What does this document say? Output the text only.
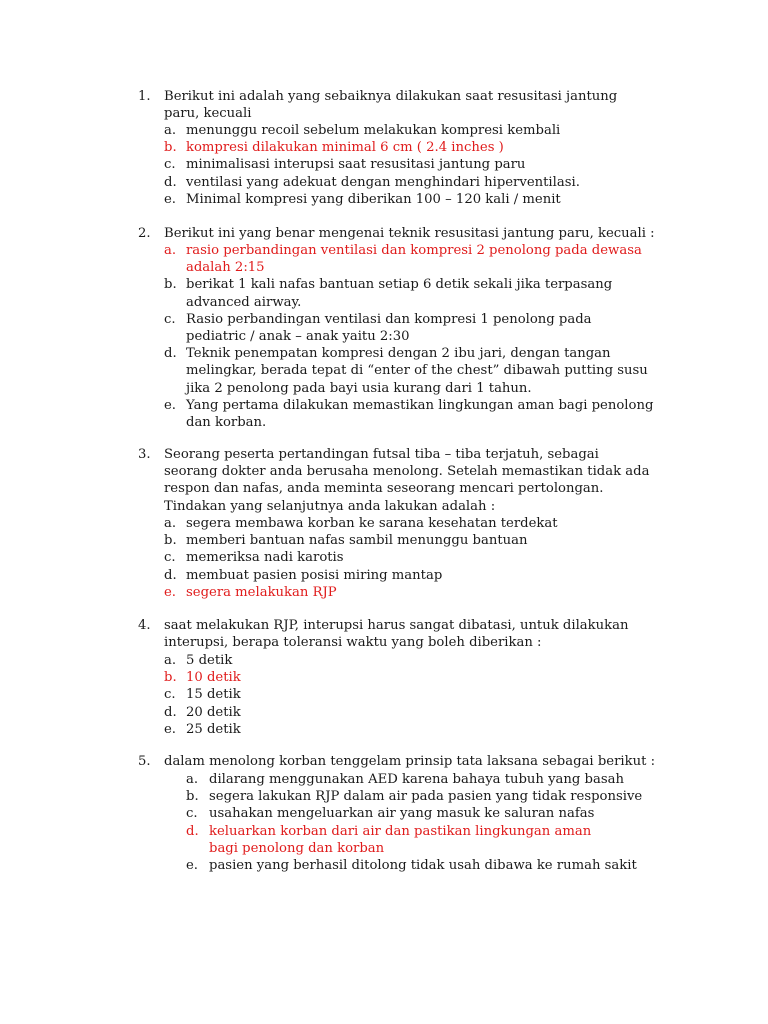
1. Berikut ini adalah yang sebaiknya dilakukan saat resusitasi jantung paru, kecuali
a. menunggu recoil sebelum melakukan kompresi kembali
b. kompresi dilakukan minimal 6 cm ( 2.4 inches )
c. minimalisasi interupsi saat resusitasi jantung paru
d. ventilasi yang adekuat dengan menghindari hiperventilasi.
e. Minimal kompresi yang diberikan 100 – 120 kali / menit
2. Berikut ini yang benar mengenai teknik resusitasi jantung paru, kecuali :
a. rasio perbandingan ventilasi dan kompresi 2 penolong pada dewasa adalah 2:15
b. berikat 1 kali nafas bantuan setiap 6 detik sekali jika terpasang advanced airway.
c. Rasio perbandingan ventilasi dan kompresi 1 penolong pada pediatric / anak – anak yaitu 2:30
d. Teknik penempatan kompresi dengan 2 ibu jari, dengan tangan melingkar, berada tepat di “enter of the chest” dibawah putting susu jika 2 penolong pada bayi usia kurang dari 1 tahun.
e. Yang pertama dilakukan memastikan lingkungan aman bagi penolong dan korban.
3. Seorang peserta pertandingan futsal tiba – tiba terjatuh, sebagai seorang dokter anda berusaha menolong. Setelah memastikan tidak ada respon dan nafas, anda meminta seseorang mencari pertolongan. Tindakan yang selanjutnya anda lakukan adalah :
a. segera membawa korban ke sarana kesehatan terdekat
b. memberi bantuan nafas sambil menunggu bantuan
c. memeriksa nadi karotis
d. membuat pasien posisi miring mantap
e. segera melakukan RJP
4. saat melakukan RJP, interupsi harus sangat dibatasi, untuk dilakukan interupsi, berapa toleransi waktu yang boleh diberikan :
a. 5 detik
b. 10 detik
c. 15 detik
d. 20 detik
e. 25 detik
5. dalam menolong korban tenggelam prinsip tata laksana sebagai berikut :
a. dilarang menggunakan AED karena bahaya tubuh yang basah
b. segera lakukan RJP dalam air pada pasien yang tidak responsive
c. usahakan mengeluarkan air yang masuk ke saluran nafas
d. keluarkan korban dari air dan pastikan lingkungan aman bagi penolong dan korban
e. pasien yang berhasil ditolong tidak usah dibawa ke rumah sakit
